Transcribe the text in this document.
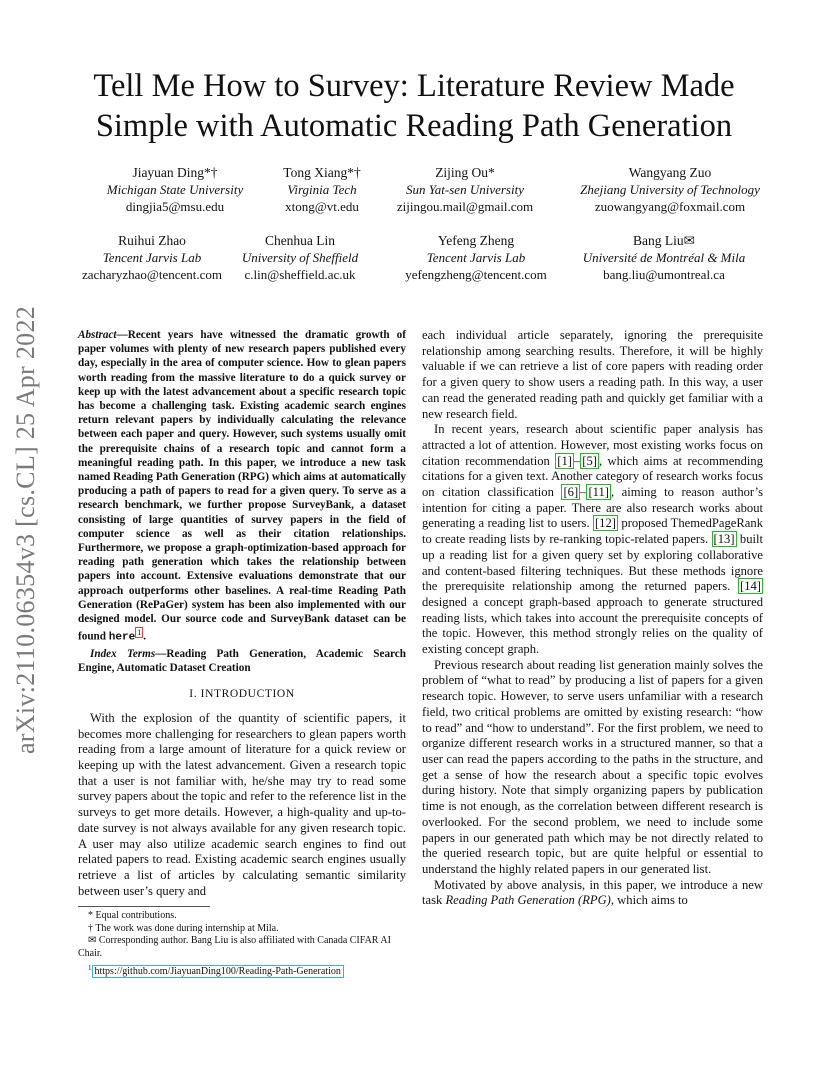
arXiv:2110.06354v3 [cs.CL] 25 Apr 2022
Tell Me How to Survey: Literature Review Made Simple with Automatic Reading Path Generation
Jiayuan Ding*†
Michigan State University
dingjia5@msu.edu
Tong Xiang*†
Virginia Tech
xtong@vt.edu
Zijing Ou*
Sun Yat-sen University
zijingou.mail@gmail.com
Wangyang Zuo
Zhejiang University of Technology
zuowangyang@foxmail.com
Ruihui Zhao
Tencent Jarvis Lab
zacharyzhao@tencent.com
Chenhua Lin
University of Sheffield
c.lin@sheffield.ac.uk
Yefeng Zheng
Tencent Jarvis Lab
yefengzheng@tencent.com
Bang Liu✉
Université de Montréal & Mila
bang.liu@umontreal.ca
Abstract—Recent years have witnessed the dramatic growth of paper volumes with plenty of new research papers published every day, especially in the area of computer science. How to glean papers worth reading from the massive literature to do a quick survey or keep up with the latest advancement about a specific research topic has become a challenging task. Existing academic search engines return relevant papers by individually calculating the relevance between each paper and query. However, such systems usually omit the prerequisite chains of a research topic and cannot form a meaningful reading path. In this paper, we introduce a new task named Reading Path Generation (RPG) which aims at automatically producing a path of papers to read for a given query. To serve as a research benchmark, we further propose SurveyBank, a dataset consisting of large quantities of survey papers in the field of computer science as well as their citation relationships. Furthermore, we propose a graph-optimization-based approach for reading path generation which takes the relationship between papers into account. Extensive evaluations demonstrate that our approach outperforms other baselines. A real-time Reading Path Generation (RePaGer) system has been also implemented with our designed model. Our source code and SurveyBank dataset can be found here $^1$ .
Index Terms—Reading Path Generation, Academic Search Engine, Automatic Dataset Creation
I. INTRODUCTION

With the explosion of the quantity of scientific papers, it becomes more challenging for researchers to glean papers worth reading from a large amount of literature for a quick review or keeping up with the latest advancement. Given a research topic that a user is not familiar with, he/she may try to read some survey papers about the topic and refer to the reference list in the surveys to get more details. However, a high-quality and up-to-date survey is not always available for any given research topic. A user may also utilize academic search engines to find out related papers to read. Existing academic search engines usually retrieve a list of articles by calculating semantic similarity between user’s query and

* Equal contributions.
† The work was done during internship at Mila.
✉ Corresponding author. Bang Liu is also affiliated with Canada CIFAR AI Chair.
$^1$ https://github.com/JiayuanDing100/Reading-Path-Generation

each individual article separately, ignoring the prerequisite relationship among searching results. Therefore, it will be highly valuable if we can retrieve a list of core papers with reading order for a given query to show users a reading path. In this way, a user can read the generated reading path and quickly get familiar with a new research field.

In recent years, research about scientific paper analysis has attracted a lot of attention. However, most existing works focus on citation recommendation [1] – [5] , which aims at recommending citations for a given text. Another category of research works focus on citation classification [6] – [11] , aiming to reason author’s intention for citing a paper. There are also research works about generating a reading list to users. [12] proposed ThemedPageRank to create reading lists by re-ranking topic-related papers. [13] built up a reading list for a given query set by exploring collaborative and content-based filtering techniques. But these methods ignore the prerequisite relationship among the returned papers. [14] designed a concept graph-based approach to generate structured reading lists, which takes into account the prerequisite concepts of the topic. However, this method strongly relies on the quality of existing concept graph.

Previous research about reading list generation mainly solves the problem of “what to read” by producing a list of papers for a given research topic. However, to serve users unfamiliar with a research field, two critical problems are omitted by existing research: “how to read” and “how to understand”. For the first problem, we need to organize different research works in a structured manner, so that a user can read the papers according to the paths in the structure, and get a sense of how the research about a specific topic evolves during history. Note that simply organizing papers by publication time is not enough, as the correlation between different research is overlooked. For the second problem, we need to include some papers in our generated path which may be not directly related to the queried research topic, but are quite helpful or essential to understand the highly related papers in our generated list.

Motivated by above analysis, in this paper, we introduce a new task Reading Path Generation (RPG), which aims to
